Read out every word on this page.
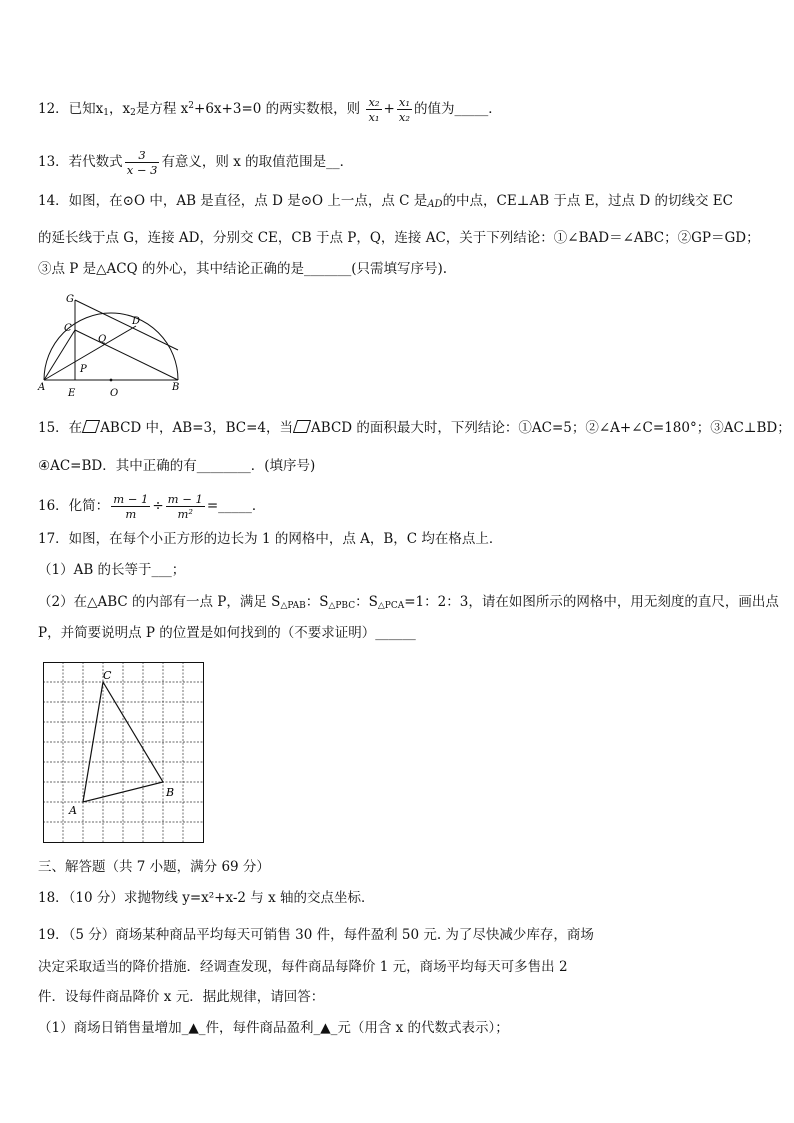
12．已知$x_1$，$x_2$是方程 $x^2+6x+3=0$ 的两实数根，则 $\frac{\text{x₂}}{\text{x₁}} + \frac{\text{x₁}}{\text{x₂}}$ 的值为_____．
13．若代数式 $\frac{3}{x - 3}$ 有意义，则 x 的取值范围是__．
14．如图，在⊙O 中，AB 是直径，点 D 是⊙O 上一点，点 C 是AD的中点，CE⊥AB 于点 E，过点 D 的切线交 EC
的延长线于点 G，连接 AD，分别交 CE，CB 于点 P，Q，连接 AC，关于下列结论：①∠BAD＝∠ABC；②GP＝GD；
③点 P 是△ACQ 的外心，其中结论正确的是_______(只需填写序号).
G
C
D
Q
P
A
E	O
B
15．在 ABCD 中，AB=3，BC=4，当 ABCD 的面积最大时，下列结论：①AC=5；②∠A+∠C=180°；③AC⊥BD；
④AC=BD．其中正确的有________．(填序号)
16．化简： $\frac{m - 1}{m} \div \frac{m - 1}{\text{m²}}$ =_____．
17．如图，在每个小正方形的边长为 1 的网格中，点 A，B，C 均在格点上．
（1）AB 的长等于___；
（2）在△ABC 的内部有一点 P，满足 $S_{\triangle PAB}$：$S_{\triangle PBC}$：$S_{\triangle PCA}=1$：2：3，请在如图所示的网格中，用无刻度的直尺，画出点
P，并简要说明点 P 的位置是如何找到的（不要求证明）______
C
B
A
三、解答题（共 7 小题，满分 69 分）
18．（10 分）求抛物线 y=x²+x-2 与 x 轴的交点坐标．
19．（5 分）商场某种商品平均每天可销售 30 件，每件盈利 50 元. 为了尽快减少库存，商场
决定采取适当的降价措施．经调查发现，每件商品每降价 1 元，商场平均每天可多售出 2
件．设每件商品降价 x 元．据此规律，请回答：
（1）商场日销售量增加_▲_件，每件商品盈利_▲_元（用含 x 的代数式表示）；
